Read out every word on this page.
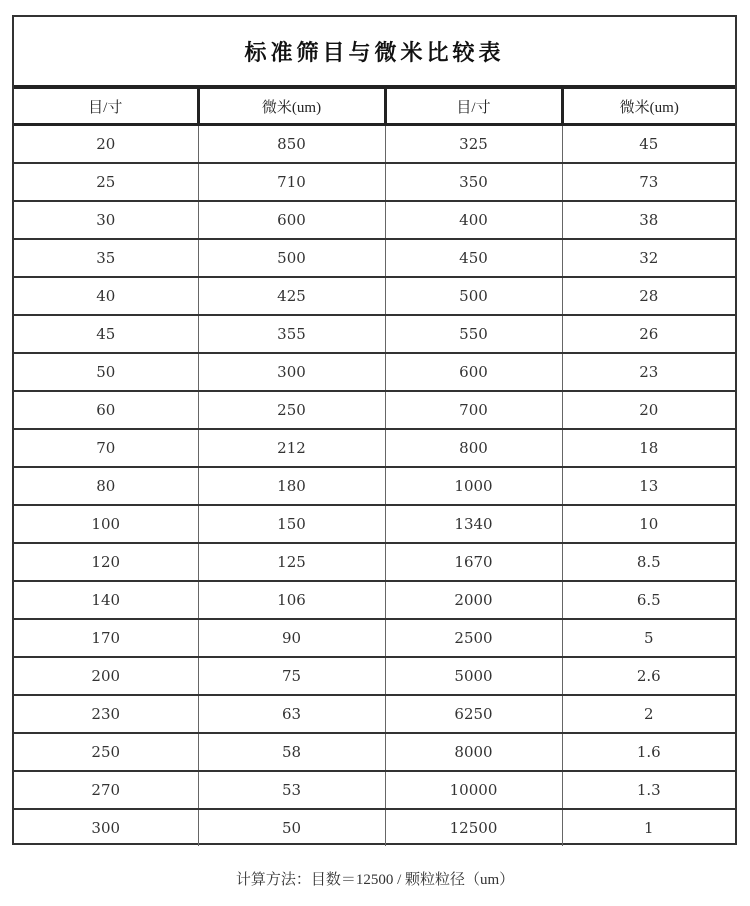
标准筛目与微米比较表
目/寸	微米(um)	目/寸	微米(um)
20	850	325	45
25	710	350	73
30	600	400	38
35	500	450	32
40	425	500	28
45	355	550	26
50	300	600	23
60	250	700	20
70	212	800	18
80	180	1000	13
100	150	1340	10
120	125	1670	8.5
140	106	2000	6.5
170	90	2500	5
200	75	5000	2.6
230	63	6250	2
250	58	8000	1.6
270	53	10000	1.3
300	50	12500	1
计算方法：目数＝12500 / 颗粒粒径（um）
